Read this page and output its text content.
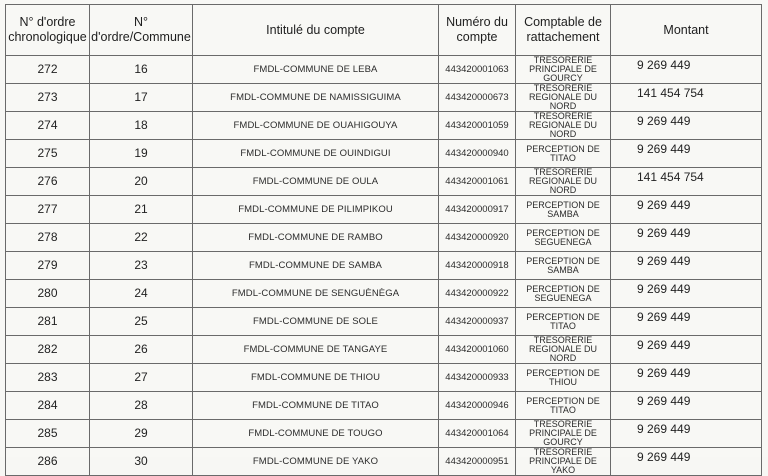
N° d'ordre chronologique	N° d'ordre/Commune	Intitulé du compte	Numéro du compte	Comptable de rattachement	Montant
272	16	FMDL-COMMUNE DE LEBA	443420001063	TRESORERIE PRINCIPALE DE GOURCY	9 269 449
273	17	FMDL-COMMUNE DE NAMISSIGUIMA	443420000673	TRESORERIE REGIONALE DU NORD	141 454 754
274	18	FMDL-COMMUNE DE OUAHIGOUYA	443420001059	TRESORERIE REGIONALE DU NORD	9 269 449
275	19	FMDL-COMMUNE DE OUINDIGUI	443420000940	PERCEPTION DE TITAO	9 269 449
276	20	FMDL-COMMUNE DE OULA	443420001061	TRESORERIE REGIONALE DU NORD	141 454 754
277	21	FMDL-COMMUNE DE PILIMPIKOU	443420000917	PERCEPTION DE SAMBA	9 269 449
278	22	FMDL-COMMUNE DE RAMBO	443420000920	PERCEPTION DE SEGUENEGA	9 269 449
279	23	FMDL-COMMUNE DE SAMBA	443420000918	PERCEPTION DE SAMBA	9 269 449
280	24	FMDL-COMMUNE DE SENGUÈNÈGA	443420000922	PERCEPTION DE SEGUENEGA	9 269 449
281	25	FMDL-COMMUNE DE SOLE	443420000937	PERCEPTION DE TITAO	9 269 449
282	26	FMDL-COMMUNE DE TANGAYE	443420001060	TRESORERIE REGIONALE DU NORD	9 269 449
283	27	FMDL-COMMUNE DE THIOU	443420000933	PERCEPTION DE THIOU	9 269 449
284	28	FMDL-COMMUNE DE TITAO	443420000946	PERCEPTION DE TITAO	9 269 449
285	29	FMDL-COMMUNE DE TOUGO	443420001064	TRESORERIE PRINCIPALE DE GOURCY	9 269 449
286	30	FMDL-COMMUNE DE YAKO	443420000951	TRESORERIE PRINCIPALE DE YAKO	9 269 449
